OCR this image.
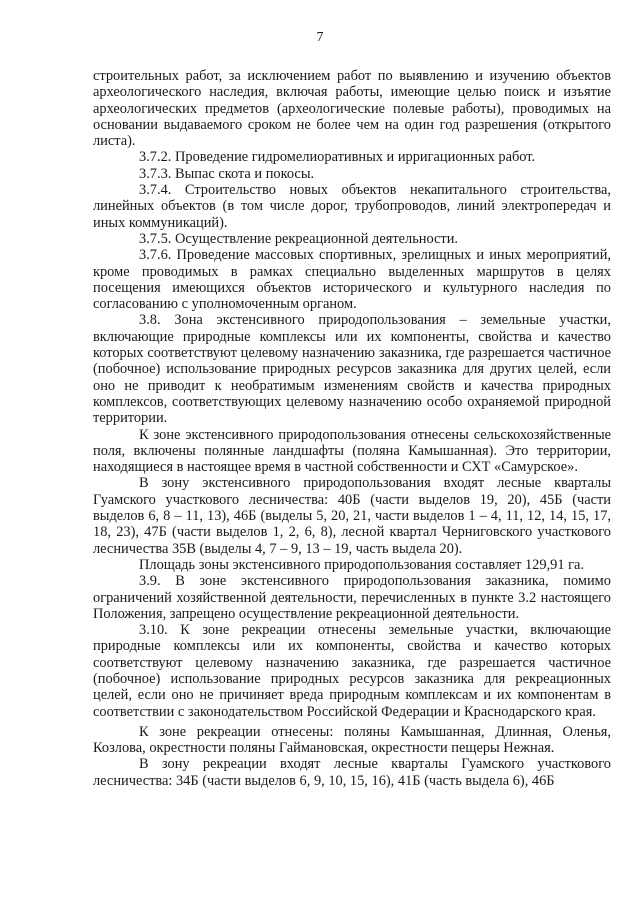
7

строительных работ, за исключением работ по выявлению и изучению объектов археологического наследия, включая работы, имеющие целью поиск и изъятие археологических предметов (археологические полевые работы), проводимых на основании выдаваемого сроком не более чем на один год разрешения (открытого листа).

3.7.2. Проведение гидромелиоративных и ирригационных работ.

3.7.3. Выпас скота и покосы.

3.7.4. Строительство новых объектов некапитального строительства, линейных объектов (в том числе дорог, трубопроводов, линий электропередач и иных коммуникаций).

3.7.5. Осуществление рекреационной деятельности.

3.7.6. Проведение массовых спортивных, зрелищных и иных мероприятий, кроме проводимых в рамках специально выделенных маршрутов в целях посещения имеющихся объектов исторического и культурного наследия по согласованию с уполномоченным органом.

3.8. Зона экстенсивного природопользования – земельные участки, включающие природные комплексы или их компоненты, свойства и качество которых соответствуют целевому назначению заказника, где разрешается частичное (побочное) использование природных ресурсов заказника для других целей, если оно не приводит к необратимым изменениям свойств и качества природных комплексов, соответствующих целевому назначению особо охраняемой природной территории.

К зоне экстенсивного природопользования отнесены сельскохозяйственные поля, включены полянные ландшафты (поляна Камышанная). Это территории, находящиеся в настоящее время в частной собственности и СХТ «Самурское».

В зону экстенсивного природопользования входят лесные кварталы Гуамского участкового лесничества: 40Б (части выделов 19, 20), 45Б (части выделов 6, 8 – 11, 13), 46Б (выделы 5, 20, 21, части выделов 1 – 4, 11, 12, 14, 15, 17, 18, 23), 47Б (части выделов 1, 2, 6, 8), лесной квартал Черниговского участкового лесничества 35В (выделы 4, 7 – 9, 13 – 19, часть выдела 20).

Площадь зоны экстенсивного природопользования составляет 129,91 га.

3.9. В зоне экстенсивного природопользования заказника, помимо ограничений хозяйственной деятельности, перечисленных в пункте 3.2 настоящего Положения, запрещено осуществление рекреационной деятельности.

3.10. К зоне рекреации отнесены земельные участки, включающие природные комплексы или их компоненты, свойства и качество которых соответствуют целевому назначению заказника, где разрешается частичное (побочное) использование природных ресурсов заказника для рекреационных целей, если оно не причиняет вреда природным комплексам и их компонентам в соответствии с законодательством Российской Федерации и Краснодарского края.

К зоне рекреации отнесены: поляны Камышанная, Длинная, Оленья, Козлова, окрестности поляны Гаймановская, окрестности пещеры Нежная.

В зону рекреации входят лесные кварталы Гуамского участкового лесничества: 34Б (части выделов 6, 9, 10, 15, 16), 41Б (часть выдела 6), 46Б
